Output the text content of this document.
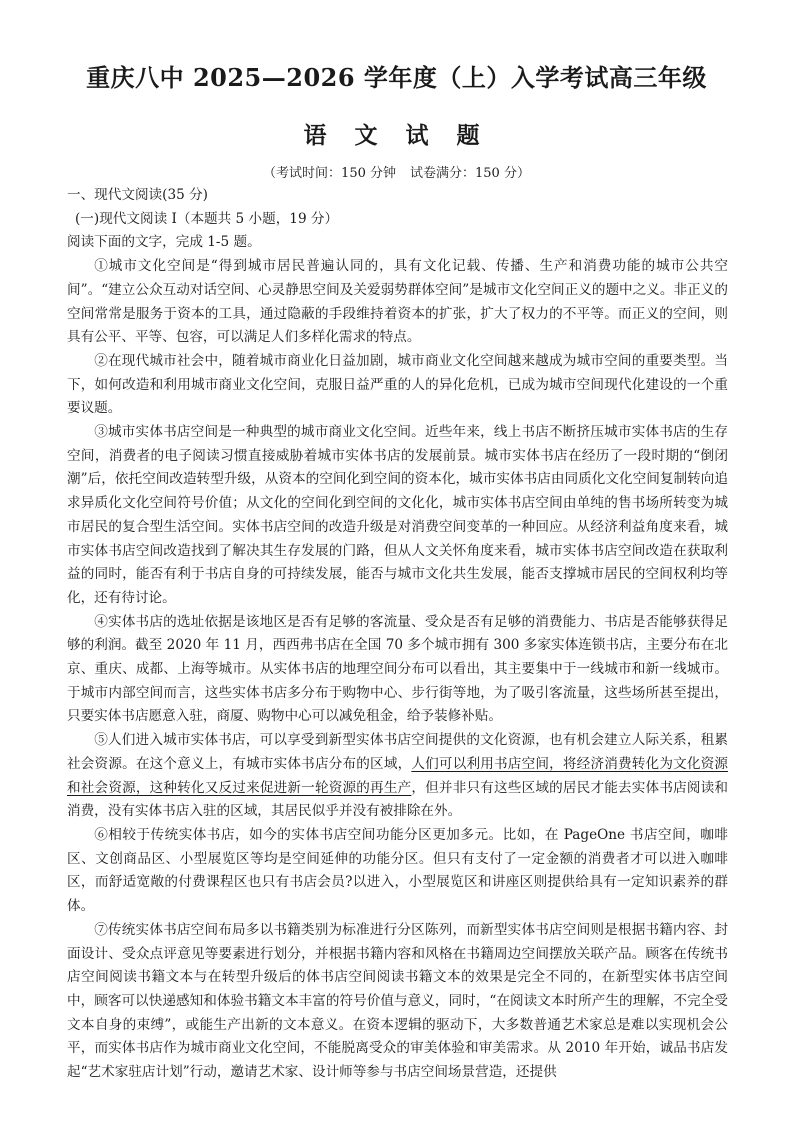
重庆八中 2025—2026 学年度（上）入学考试高三年级
语 文 试 题
（考试时间：150 分钟 试卷满分：150 分）

一、现代文阅读(35 分)

(一)现代文阅读 I（本题共 5 小题，19 分）

阅读下面的文字，完成 1-5 题。

①城市文化空间是“得到城市居民普遍认同的，具有文化记载、传播、生产和消费功能的城市公共空间”。“建立公众互动对话空间、心灵静思空间及关爱弱势群体空间”是城市文化空间正义的题中之义。非正义的空间常常是服务于资本的工具，通过隐蔽的手段维持着资本的扩张，扩大了权力的不平等。而正义的空间，则具有公平、平等、包容，可以满足人们多样化需求的特点。

②在现代城市社会中，随着城市商业化日益加剧，城市商业文化空间越来越成为城市空间的重要类型。当下，如何改造和利用城市商业文化空间，克服日益严重的人的异化危机，已成为城市空间现代化建设的一个重要议题。

③城市实体书店空间是一种典型的城市商业文化空间。近些年来，线上书店不断挤压城市实体书店的生存空间，消费者的电子阅读习惯直接威胁着城市实体书店的发展前景。城市实体书店在经历了一段时期的“倒闭潮”后，依托空间改造转型升级，从资本的空间化到空间的资本化，城市实体书店由同质化文化空间复制转向追求异质化文化空间符号价值；从文化的空间化到空间的文化化，城市实体书店空间由单纯的售书场所转变为城市居民的复合型生活空间。实体书店空间的改造升级是对消费空间变革的一种回应。从经济利益角度来看，城市实体书店空间改造找到了解决其生存发展的门路，但从人文关怀角度来看，城市实体书店空间改造在获取利益的同时，能否有利于书店自身的可持续发展，能否与城市文化共生发展，能否支撑城市居民的空间权利均等化，还有待讨论。

④实体书店的选址依据是该地区是否有足够的客流量、受众是否有足够的消费能力、书店是否能够获得足够的利润。截至 2020 年 11 月，西西弗书店在全国 70 多个城市拥有 300 多家实体连锁书店，主要分布在北京、重庆、成都、上海等城市。从实体书店的地理空间分布可以看出，其主要集中于一线城市和新一线城市。于城市内部空间而言，这些实体书店多分布于购物中心、步行街等地，为了吸引客流量，这些场所甚至提出，只要实体书店愿意入驻，商厦、购物中心可以减免租金，给予装修补贴。

⑤人们进入城市实体书店，可以享受到新型实体书店空间提供的文化资源，也有机会建立人际关系，租累社会资源。在这个意义上，有城市实体书店分布的区域，人们可以利用书店空间，将经济消费转化为文化资源和社会资源，这种转化又反过来促进新一轮资源的再生产，但并非只有这些区域的居民才能去实体书店阅读和消费，没有实体书店入驻的区域，其居民似乎并没有被排除在外。

⑥相较于传统实体书店，如今的实体书店空间功能分区更加多元。比如，在 PageOne 书店空间，咖啡区、文创商品区、小型展览区等均是空间延伸的功能分区。但只有支付了一定金额的消费者才可以进入咖啡区，而舒适宽敞的付费课程区也只有书店会员?以进入，小型展览区和讲座区则提供给具有一定知识素养的群体。

⑦传统实体书店空间布局多以书籍类别为标准进行分区陈列，而新型实体书店空间则是根据书籍内容、封面设计、受众点评意见等要素进行划分，并根据书籍内容和风格在书籍周边空间摆放关联产品。顾客在传统书店空间阅读书籍文本与在转型升级后的体书店空间阅读书籍文本的效果是完全不同的，在新型实体书店空间中，顾客可以快递感知和体验书籍文本丰富的符号价值与意义，同时，“在阅读文本时所产生的理解，不完全受文本自身的束缚”，或能生产出新的文本意义。在资本逻辑的驱动下，大多数普通艺术家总是难以实现机会公平，而实体书店作为城市商业文化空间，不能脱离受众的审美体验和审美需求。从 2010 年开始，诚品书店发起“艺术家驻店计划”行动，邀请艺术家、设计师等参与书店空间场景营造，还提供
